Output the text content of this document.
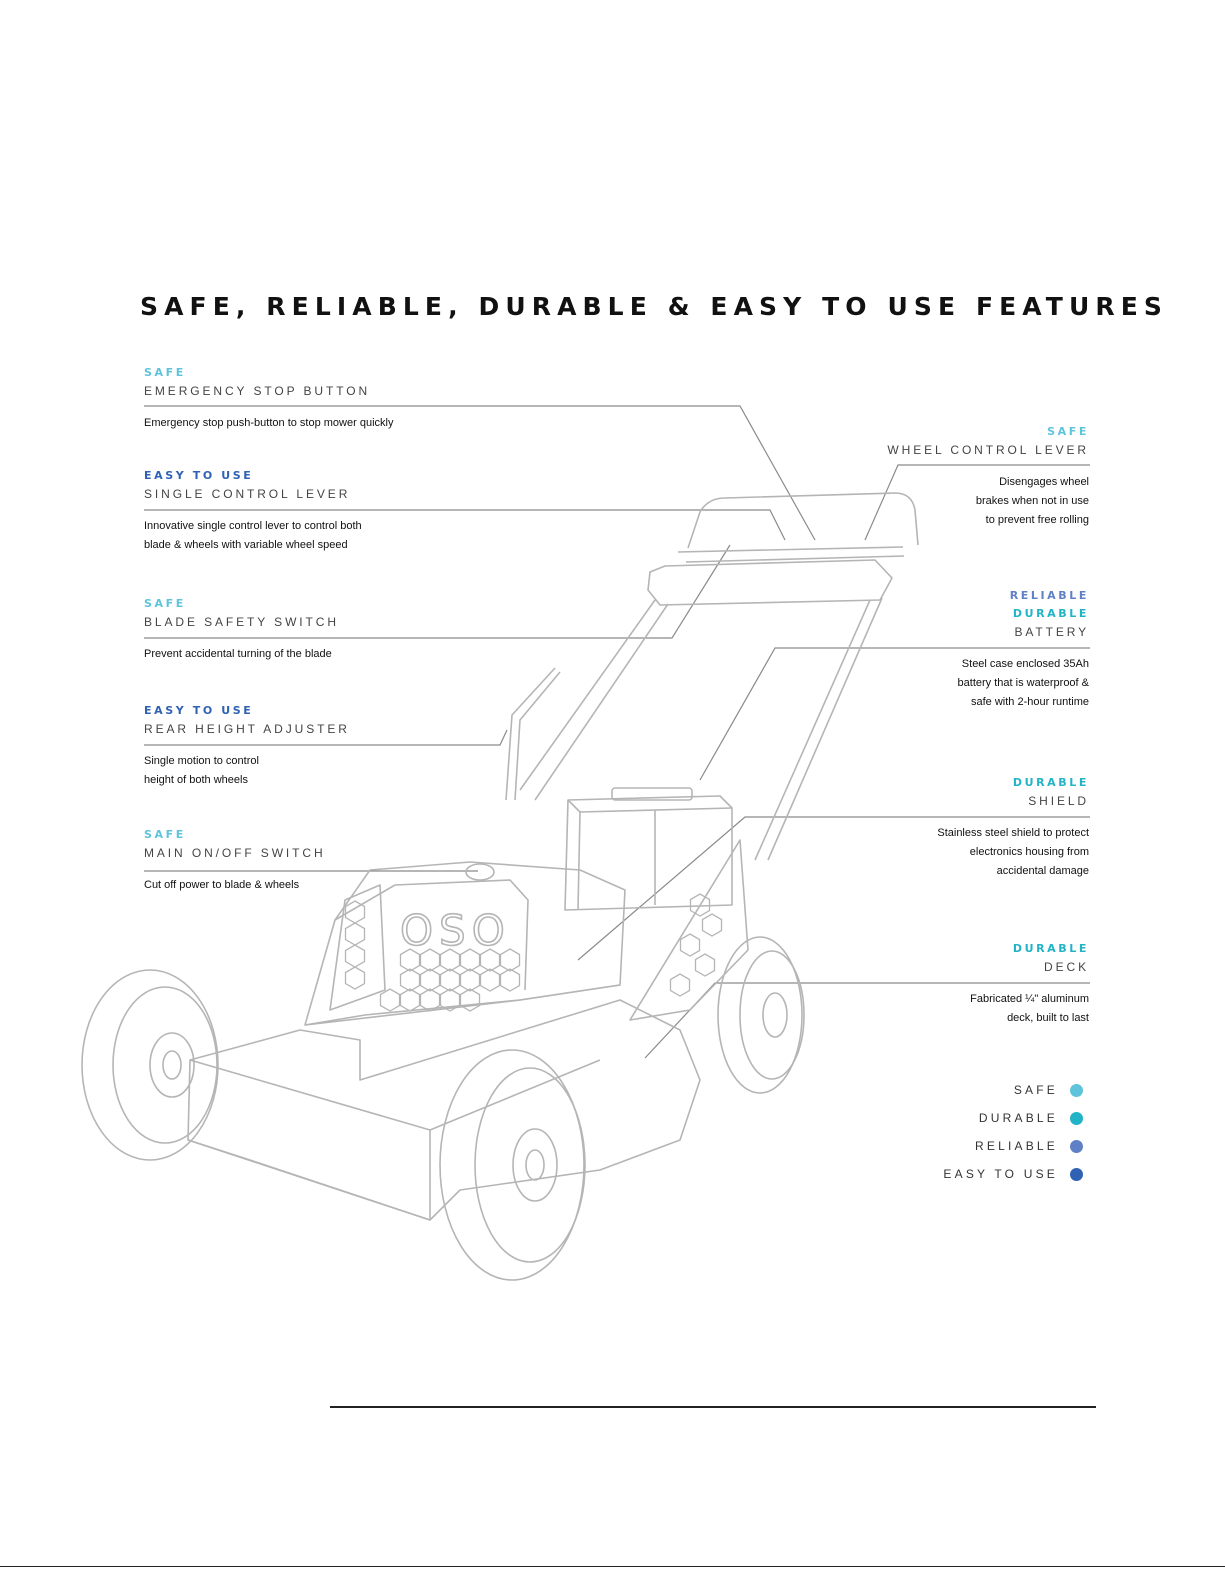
SAFE, RELIABLE, DURABLE & EASY TO USE FEATURES
OSO
SAFE
EMERGENCY STOP BUTTON
Emergency stop push-button to stop mower quickly
EASY TO USE
SINGLE CONTROL LEVER
Innovative single control lever to control both
blade & wheels with variable wheel speed
SAFE
BLADE SAFETY SWITCH
Prevent accidental turning of the blade
EASY TO USE
REAR HEIGHT ADJUSTER
Single motion to control
height of both wheels
SAFE
MAIN ON/OFF SWITCH
Cut off power to blade & wheels
SAFE
WHEEL CONTROL LEVER
Disengages wheel
brakes when not in use
to prevent free rolling
RELIABLE
DURABLE
BATTERY
Steel case enclosed 35Ah
battery that is waterproof &
safe with 2-hour runtime
DURABLE
SHIELD
Stainless steel shield to protect
electronics housing from
accidental damage
DURABLE
DECK
Fabricated ¼" aluminum
deck, built to last
SAFE
DURABLE
RELIABLE
EASY TO USE
